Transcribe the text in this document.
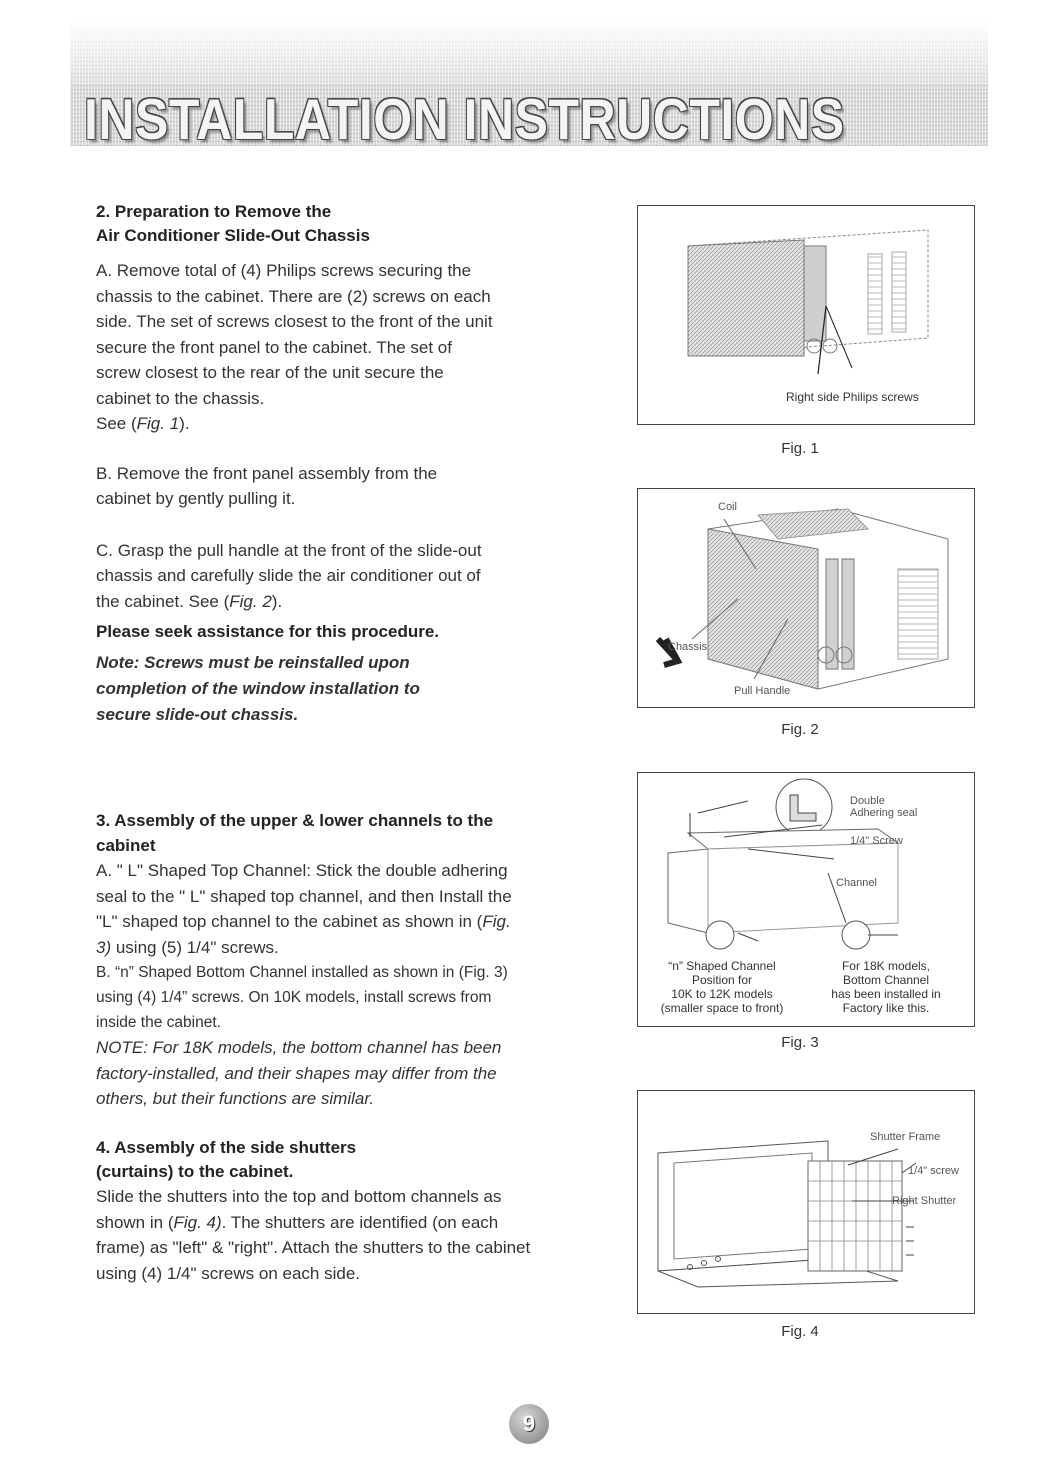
INSTALLATION INSTRUCTIONS

2. Preparation to Remove the

Air Conditioner Slide-Out Chassis

A. Remove total of (4) Philips screws securing the chassis to the cabinet. There are (2) screws on each side. The set of screws closest to the front of the unit secure the front panel to the cabinet. The set of screw closest to the rear of the unit secure the cabinet to the chassis.
See (Fig. 1).

B. Remove the front panel assembly from the cabinet by gently pulling it.

C. Grasp the pull handle at the front of the slide-out chassis and carefully slide the air conditioner out of the cabinet. See (Fig. 2).

Please seek assistance for this procedure.

Note: Screws must be reinstalled upon completion of the window installation to secure slide-out chassis.

3. Assembly of the upper & lower channels to the cabinet

A. " L" Shaped Top Channel: Stick the double adhering seal to the " L" shaped top channel, and then Install the "L" shaped top channel to the cabinet as shown in (Fig. 3) using (5) 1/4" screws.

B. “n” Shaped Bottom Channel installed as shown in (Fig. 3) using (4) 1/4” screws. On 10K models, install screws from inside the cabinet.

NOTE: For 18K models, the bottom channel has been factory-installed, and their shapes may differ from the others, but their functions are similar.

4. Assembly of the side shutters

(curtains) to the cabinet.

Slide the shutters into the top and bottom channels as shown in (Fig. 4). The shutters are identified (on each frame) as "left" & "right". Attach the shutters to the cabinet using (4) 1/4" screws on each side.

Right side Philips screws
Fig. 1
Coil
Chassis
Pull Handle
Fig. 2
Double
Adhering seal
1/4" Screw
Channel
“n” Shaped Channel
Position for
10K to 12K models
(smaller space to front)
For 18K models,
Bottom Channel
has been installed in
Factory like this.
Fig. 3
Shutter Frame
1/4" screw
Right Shutter
Fig. 4
9
